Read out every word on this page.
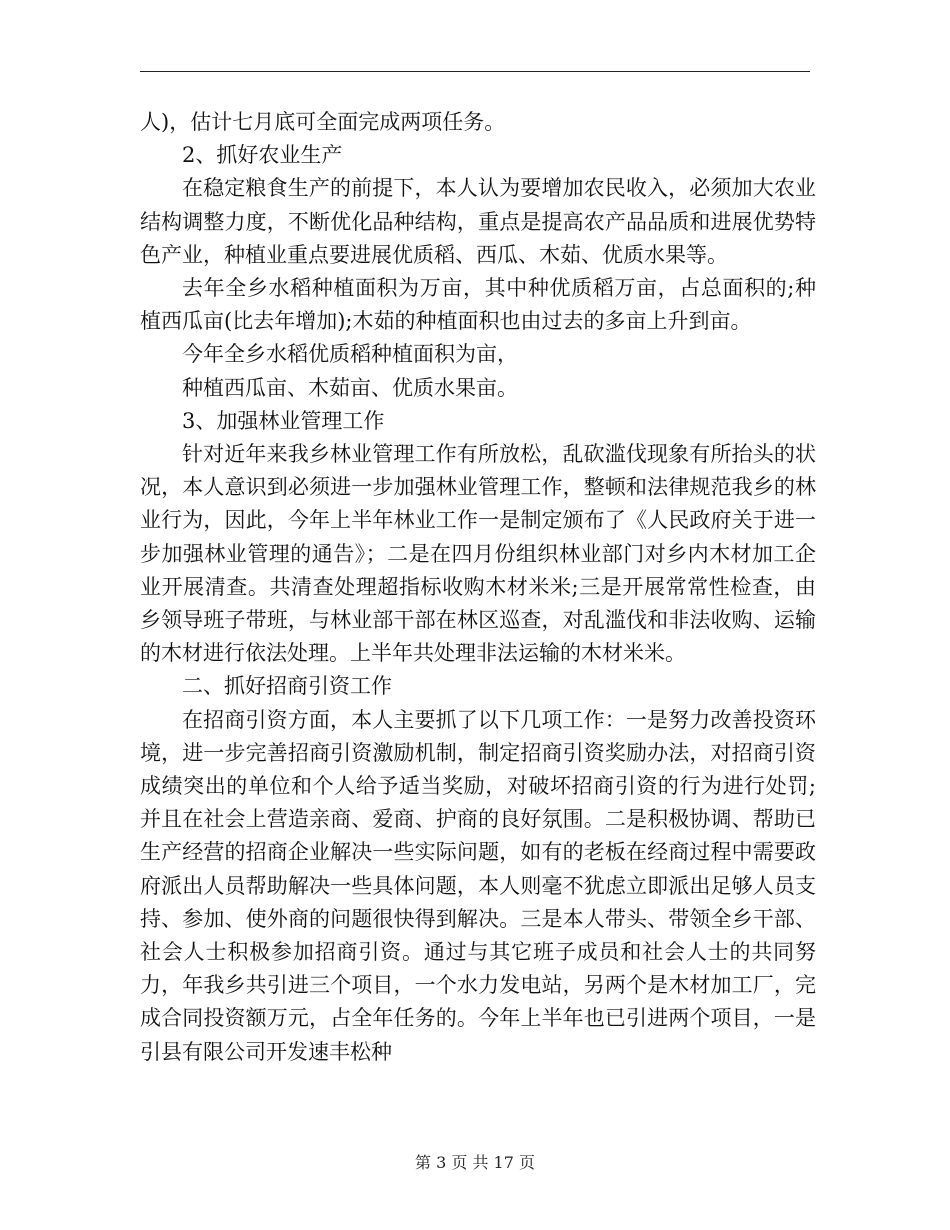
人)，估计七月底可全面完成两项任务。

2、抓好农业生产

在稳定粮食生产的前提下，本人认为要增加农民收入，必须加大农业结构调整力度，不断优化品种结构，重点是提高农产品品质和进展优势特色产业，种植业重点要进展优质稻、西瓜、木茹、优质水果等。

去年全乡水稻种植面积为万亩，其中种优质稻万亩，占总面积的;种植西瓜亩(比去年增加);木茹的种植面积也由过去的多亩上升到亩。

今年全乡水稻优质稻种植面积为亩，

种植西瓜亩、木茹亩、优质水果亩。

3、加强林业管理工作

针对近年来我乡林业管理工作有所放松，乱砍滥伐现象有所抬头的状况，本人意识到必须进一步加强林业管理工作，整顿和法律规范我乡的林业行为，因此，今年上半年林业工作一是制定颁布了《人民政府关于进一步加强林业管理的通告》；二是在四月份组织林业部门对乡内木材加工企业开展清查。共清查处理超指标收购木材米米;三是开展常常性检查，由乡领导班子带班，与林业部干部在林区巡查，对乱滥伐和非法收购、运输的木材进行依法处理。上半年共处理非法运输的木材米米。

二、抓好招商引资工作

在招商引资方面，本人主要抓了以下几项工作：一是努力改善投资环境，进一步完善招商引资激励机制，制定招商引资奖励办法，对招商引资成绩突出的单位和个人给予适当奖励，对破坏招商引资的行为进行处罚;并且在社会上营造亲商、爱商、护商的良好氛围。二是积极协调、帮助已生产经营的招商企业解决一些实际问题，如有的老板在经商过程中需要政府派出人员帮助解决一些具体问题，本人则毫不犹虑立即派出足够人员支持、参加、使外商的问题很快得到解决。三是本人带头、带领全乡干部、社会人士积极参加招商引资。通过与其它班子成员和社会人士的共同努力，年我乡共引进三个项目，一个水力发电站，另两个是木材加工厂，完成合同投资额万元，占全年任务的。今年上半年也已引进两个项目，一是引县有限公司开发速丰松种

第 3 页 共 17 页
